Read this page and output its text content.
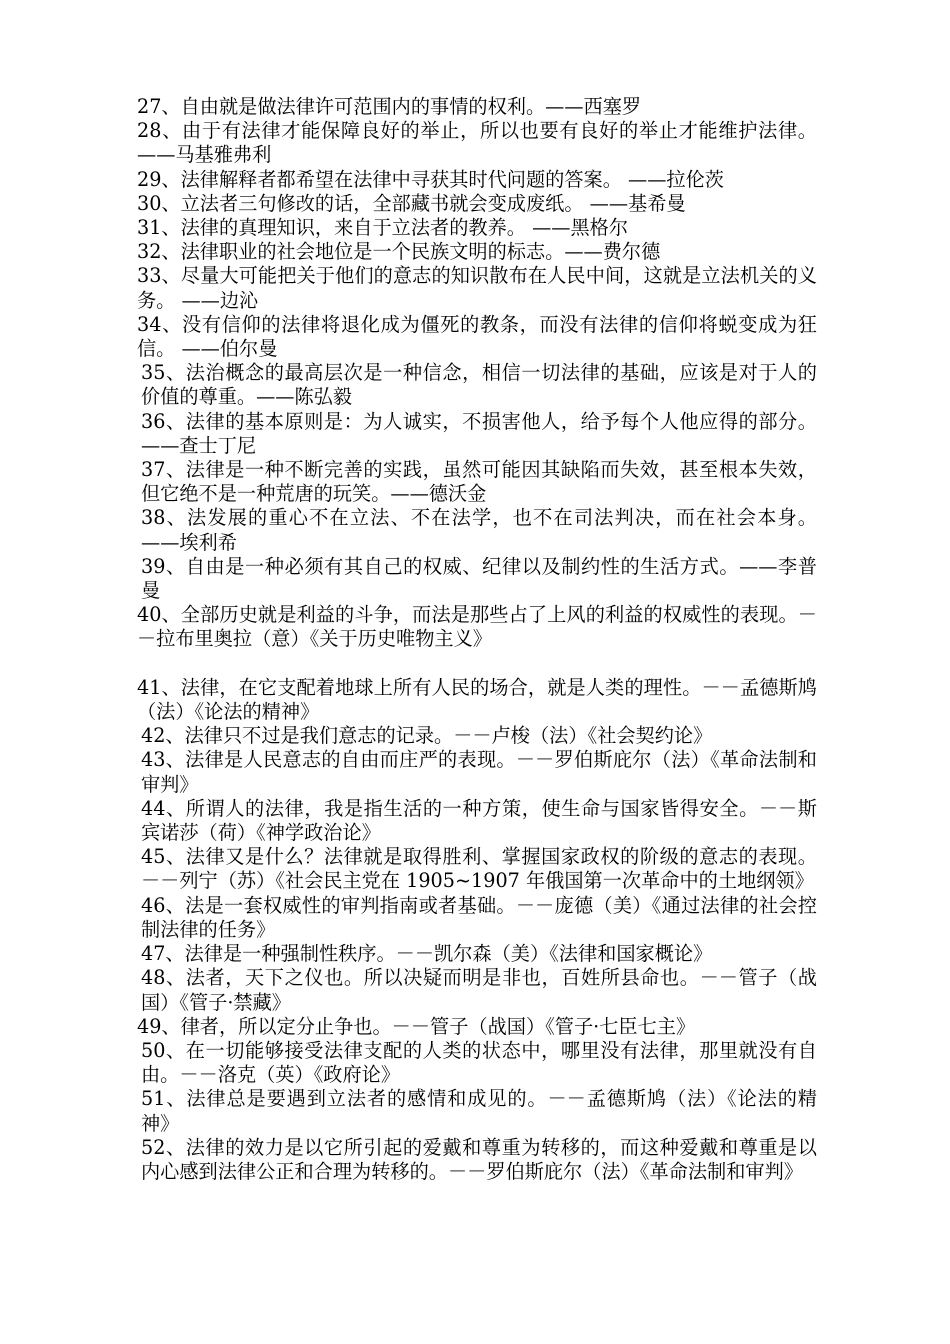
27、自由就是做法律许可范围内的事情的权利。——西塞罗

28、由于有法律才能保障良好的举止，所以也要有良好的举止才能维护法律。——马基雅弗利

29、法律解释者都希望在法律中寻获其时代问题的答案。 ——拉伦茨

30、立法者三句修改的话，全部藏书就会变成废纸。 ——基希曼

31、法律的真理知识，来自于立法者的教养。 ——黑格尔

32、法律职业的社会地位是一个民族文明的标志。——费尔德

33、尽量大可能把关于他们的意志的知识散布在人民中间，这就是立法机关的义务。 ——边沁

34、没有信仰的法律将退化成为僵死的教条，而没有法律的信仰将蜕变成为狂信。 ——伯尔曼

35、法治概念的最高层次是一种信念，相信一切法律的基础，应该是对于人的价值的尊重。——陈弘毅

36、法律的基本原则是：为人诚实，不损害他人，给予每个人他应得的部分。——查士丁尼

37、法律是一种不断完善的实践，虽然可能因其缺陷而失效，甚至根本失效，但它绝不是一种荒唐的玩笑。——德沃金

38、法发展的重心不在立法、不在法学，也不在司法判决，而在社会本身。——埃利希

39、自由是一种必须有其自己的权威、纪律以及制约性的生活方式。——李普曼

40、全部历史就是利益的斗争，而法是那些占了上风的利益的权威性的表现。－－拉布里奥拉（意）《关于历史唯物主义》

41、法律，在它支配着地球上所有人民的场合，就是人类的理性。－－孟德斯鸠（法）《论法的精神》

42、法律只不过是我们意志的记录。－－卢梭（法）《社会契约论》

43、法律是人民意志的自由而庄严的表现。－－罗伯斯庇尔（法）《革命法制和审判》

44、所谓人的法律，我是指生活的一种方策，使生命与国家皆得安全。－－斯宾诺莎（荷）《神学政治论》

45、法律又是什么？法律就是取得胜利、掌握国家政权的阶级的意志的表现。－－列宁（苏）《社会民主党在 1905~1907 年俄国第一次革命中的土地纲领》

46、法是一套权威性的审判指南或者基础。－－庞德（美）《通过法律的社会控制法律的任务》

47、法律是一种强制性秩序。－－凯尔森（美）《法律和国家概论》

48、法者，天下之仪也。所以决疑而明是非也，百姓所县命也。－－管子（战国）《管子·禁藏》

49、律者，所以定分止争也。－－管子（战国）《管子·七臣七主》

50、在一切能够接受法律支配的人类的状态中，哪里没有法律，那里就没有自由。－－洛克（英）《政府论》

51、法律总是要遇到立法者的感情和成见的。－－孟德斯鸠（法）《论法的精神》

52、法律的效力是以它所引起的爱戴和尊重为转移的，而这种爱戴和尊重是以内心感到法律公正和合理为转移的。－－罗伯斯庇尔（法）《革命法制和审判》
